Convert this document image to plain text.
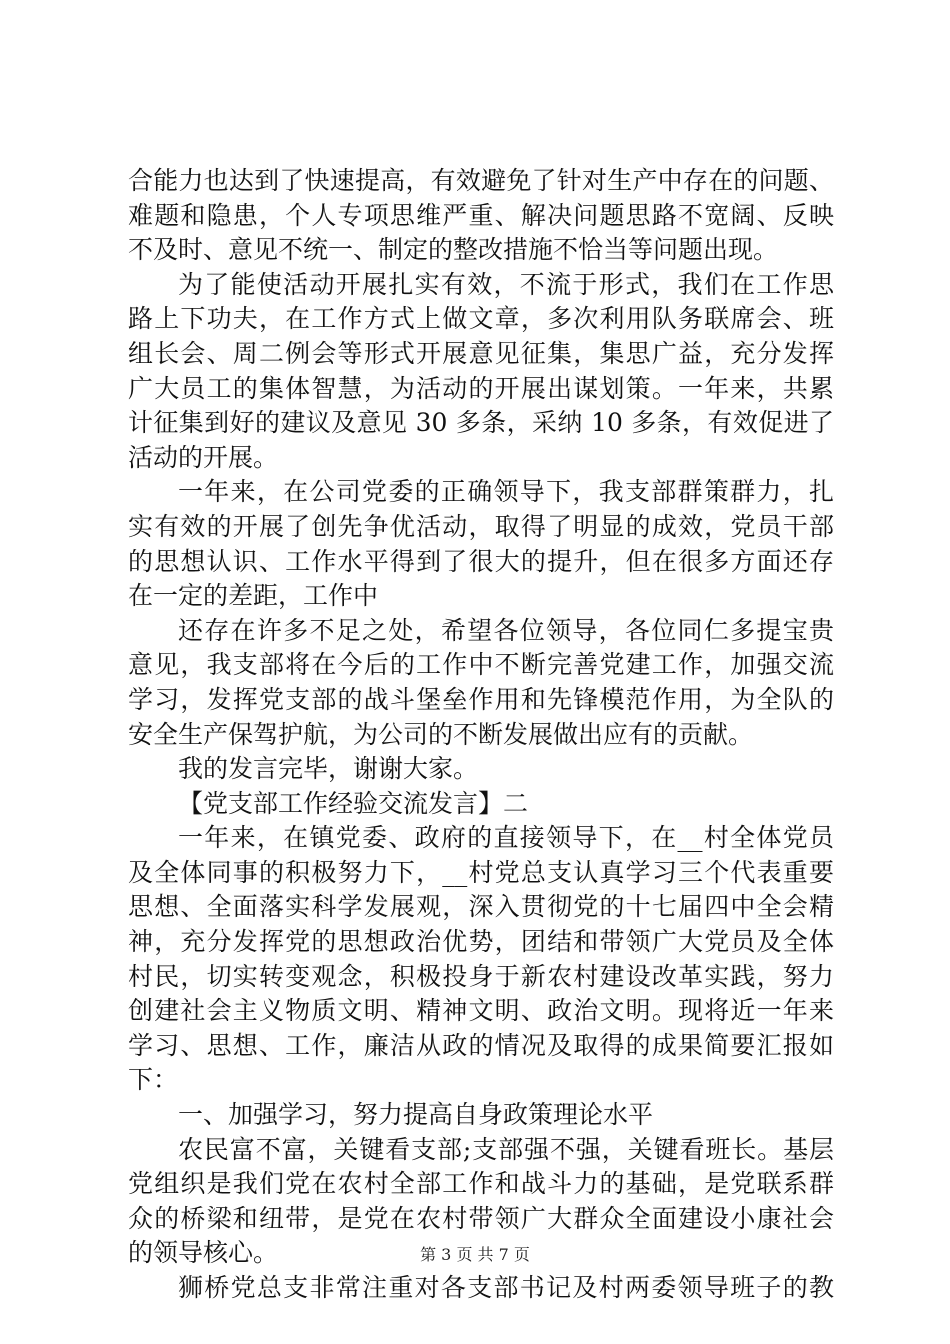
合能力也达到了快速提高，有效避免了针对生产中存在的问题、
难题和隐患，个人专项思维严重、解决问题思路不宽阔、反映
不及时、意见不统一、制定的整改措施不恰当等问题出现。
为了能使活动开展扎实有效，不流于形式，我们在工作思
路上下功夫，在工作方式上做文章，多次利用队务联席会、班
组长会、周二例会等形式开展意见征集，集思广益，充分发挥
广大员工的集体智慧，为活动的开展出谋划策。一年来，共累
计征集到好的建议及意见 30 多条，采纳 10 多条，有效促进了
活动的开展。
一年来，在公司党委的正确领导下，我支部群策群力，扎
实有效的开展了创先争优活动，取得了明显的成效，党员干部
的思想认识、工作水平得到了很大的提升，但在很多方面还存
在一定的差距，工作中
还存在许多不足之处，希望各位领导，各位同仁多提宝贵
意见，我支部将在今后的工作中不断完善党建工作，加强交流
学习，发挥党支部的战斗堡垒作用和先锋模范作用，为全队的
安全生产保驾护航，为公司的不断发展做出应有的贡献。
我的发言完毕，谢谢大家。
【党支部工作经验交流发言】二
一年来，在镇党委、政府的直接领导下，在__村全体党员
及全体同事的积极努力下，__村党总支认真学习三个代表重要
思想、全面落实科学发展观，深入贯彻党的十七届四中全会精
神，充分发挥党的思想政治优势，团结和带领广大党员及全体
村民，切实转变观念，积极投身于新农村建设改革实践，努力
创建社会主义物质文明、精神文明、政治文明。现将近一年来
学习、思想、工作，廉洁从政的情况及取得的成果简要汇报如
下：
一、加强学习，努力提高自身政策理论水平
农民富不富，关键看支部;支部强不强，关键看班长。基层
党组织是我们党在农村全部工作和战斗力的基础，是党联系群
众的桥梁和纽带，是党在农村带领广大群众全面建设小康社会
的领导核心。
狮桥党总支非常注重对各支部书记及村两委领导班子的教
第 3 页 共 7 页
